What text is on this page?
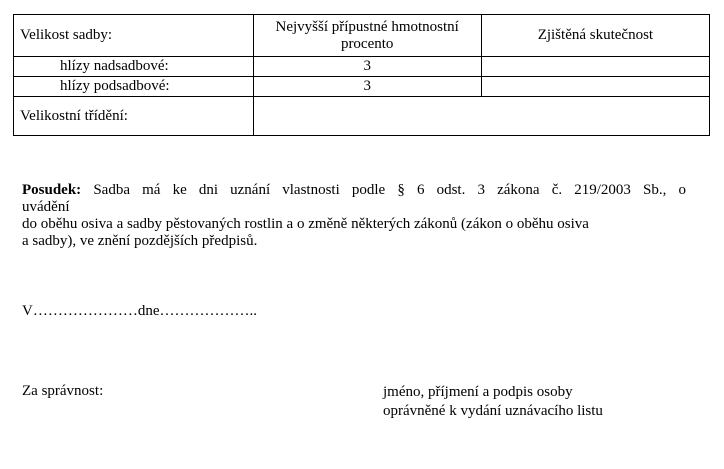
Velikost sadby:	Nejvyšší přípustné hmotnostní procento	Zjištěná skutečnost
hlízy nadsadbové:	3	
hlízy podsadbové:	3	
Velikostní třídění:		

Posudek: Sadba má ke dni uznání vlastnosti podle § 6 odst. 3 zákona č. 219/2003 Sb., o
uvádění
do oběhu osiva a sadby pěstovaných rostlin a o změně některých zákonů (zákon o oběhu osiva
a sadby), ve znění pozdějších předpisů.

V…………………dne………………..
Za správnost:	jméno, příjmení a podpis osoby
oprávněné k vydání uznávacího listu
